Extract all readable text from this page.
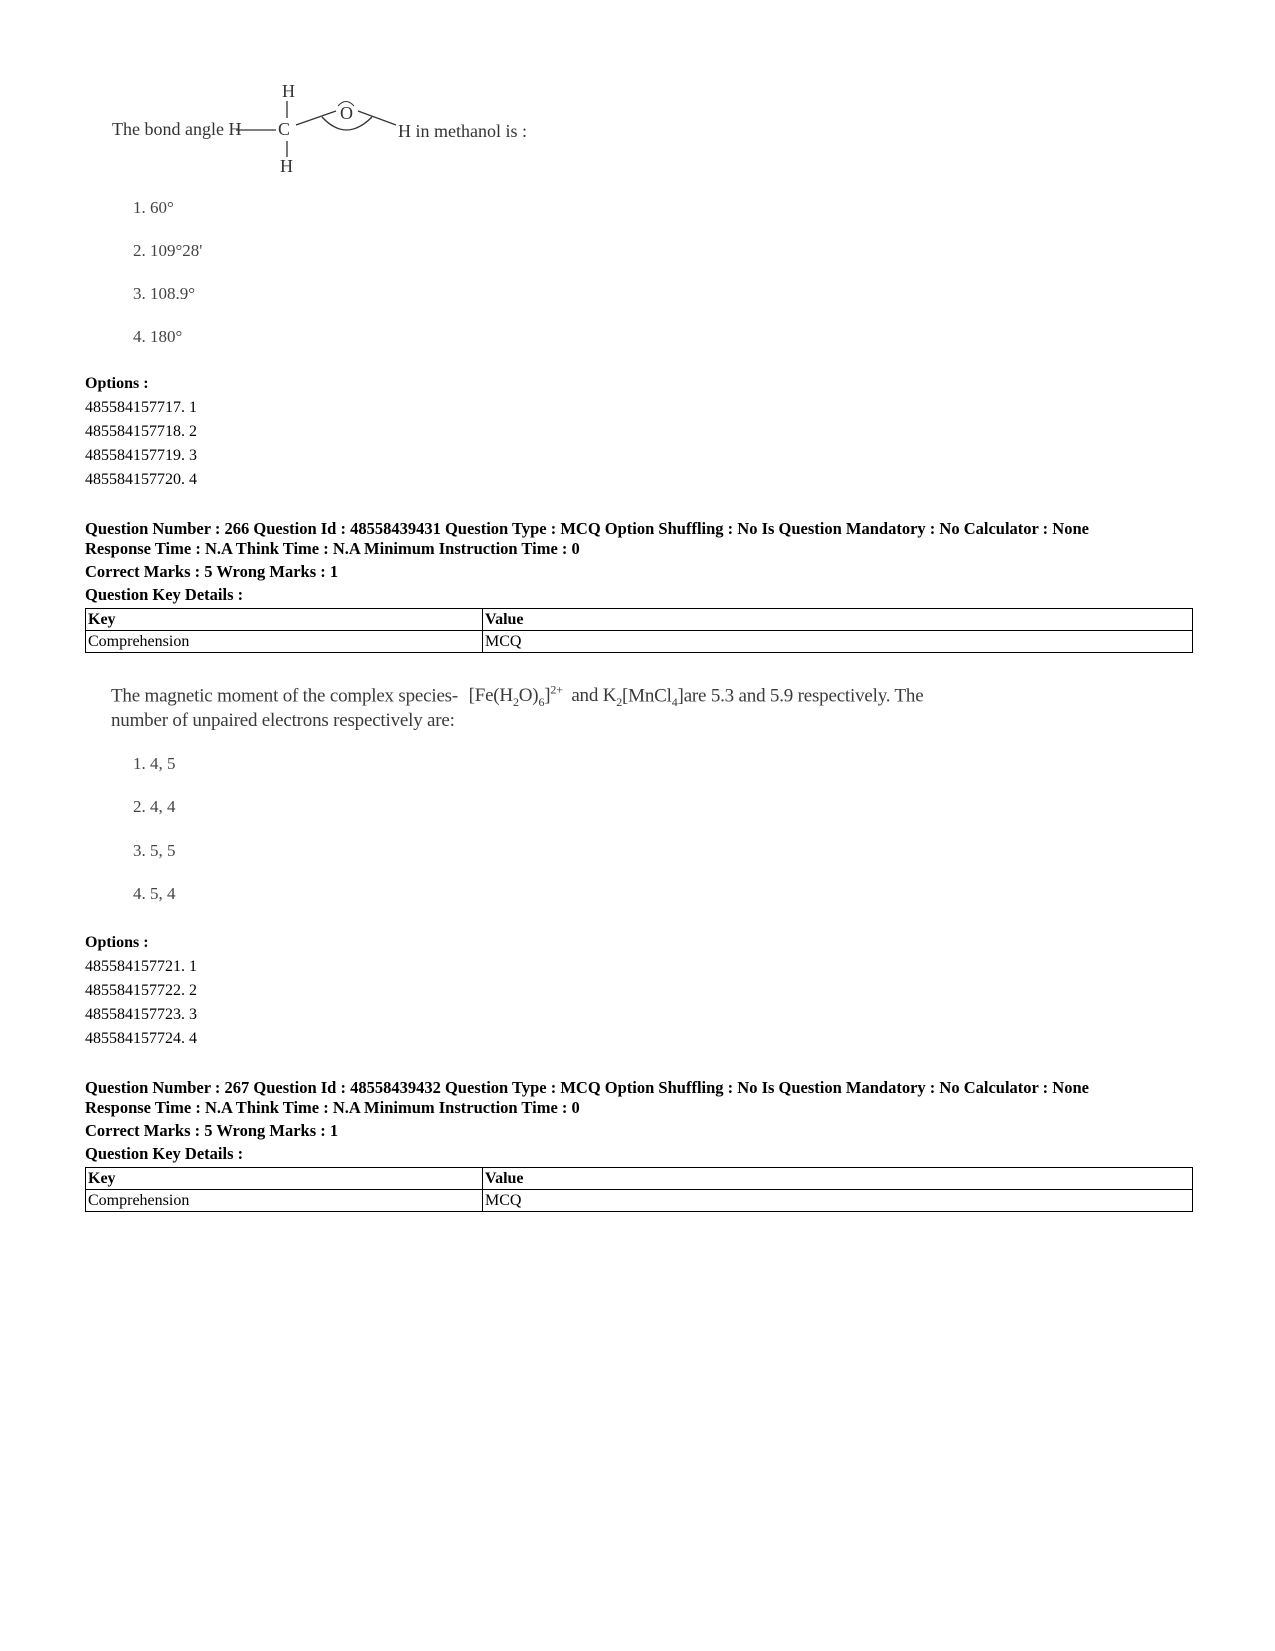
The bond angle H
H
C
H
O
H in methanol is :
1. 60°
2. 109°28'
3. 108.9°
4. 180°
Options :
485584157717. 1
485584157718. 2
485584157719. 3
485584157720. 4
Question Number : 266 Question Id : 48558439431 Question Type : MCQ Option Shuffling : No Is Question Mandatory : No Calculator : None
Response Time : N.A Think Time : N.A Minimum Instruction Time : 0
Correct Marks : 5 Wrong Marks : 1
Question Key Details :
Key	Value
Comprehension	MCQ
The magnetic moment of the complex species- $[Fe(H_2O)_6]^{2+}$ and $K_2[MnCl_4]are$ 5.3 and 5.9 respectively. The
number of unpaired electrons respectively are:
1. 4, 5
2. 4, 4
3. 5, 5
4. 5, 4
Options :
485584157721. 1
485584157722. 2
485584157723. 3
485584157724. 4
Question Number : 267 Question Id : 48558439432 Question Type : MCQ Option Shuffling : No Is Question Mandatory : No Calculator : None
Response Time : N.A Think Time : N.A Minimum Instruction Time : 0
Correct Marks : 5 Wrong Marks : 1
Question Key Details :
Key	Value
Comprehension	MCQ
